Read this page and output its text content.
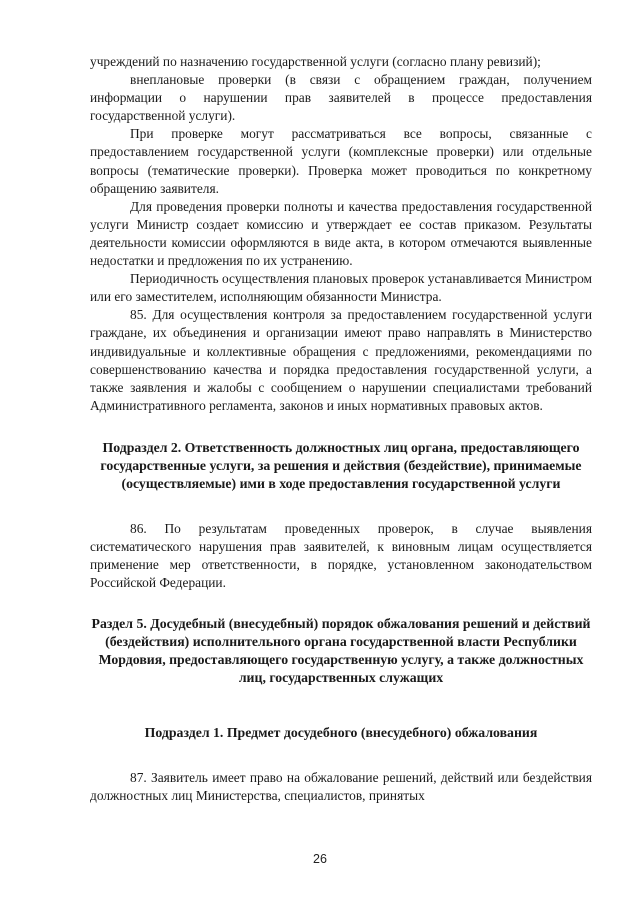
учреждений по назначению государственной услуги (согласно плану ревизий);

внеплановые проверки (в связи с обращением граждан, получением информации о нарушении прав заявителей в процессе предоставления государственной услуги).

При проверке могут рассматриваться все вопросы, связанные с предоставлением государственной услуги (комплексные проверки) или отдельные вопросы (тематические проверки). Проверка может проводиться по конкретному обращению заявителя.

Для проведения проверки полноты и качества предоставления государственной услуги Министр создает комиссию и утверждает ее состав приказом. Результаты деятельности комиссии оформляются в виде акта, в котором отмечаются выявленные недостатки и предложения по их устранению.

Периодичность осуществления плановых проверок устанавливается Министром или его заместителем, исполняющим обязанности Министра.

85. Для осуществления контроля за предоставлением государственной услуги граждане, их объединения и организации имеют право направлять в Министерство индивидуальные и коллективные обращения с предложениями, рекомендациями по совершенствованию качества и порядка предоставления государственной услуги, а также заявления и жалобы с сообщением о нарушении специалистами требований Административного регламента, законов и иных нормативных правовых актов.

Подраздел 2. Ответственность должностных лиц органа, предоставляющего государственные услуги, за решения и действия (бездействие), принимаемые (осуществляемые) ими в ходе предоставления государственной услуги

86. По результатам проведенных проверок, в случае выявления систематического нарушения прав заявителей, к виновным лицам осуществляется применение мер ответственности, в порядке, установленном законодательством Российской Федерации.

Раздел 5. Досудебный (внесудебный) порядок обжалования решений и действий (бездействия) исполнительного органа государственной власти Республики Мордовия, предоставляющего государственную услугу, а также должностных лиц, государственных служащих
Подраздел 1. Предмет досудебного (внесудебного) обжалования

87. Заявитель имеет право на обжалование решений, действий или бездействия должностных лиц Министерства, специалистов, принятых

26
